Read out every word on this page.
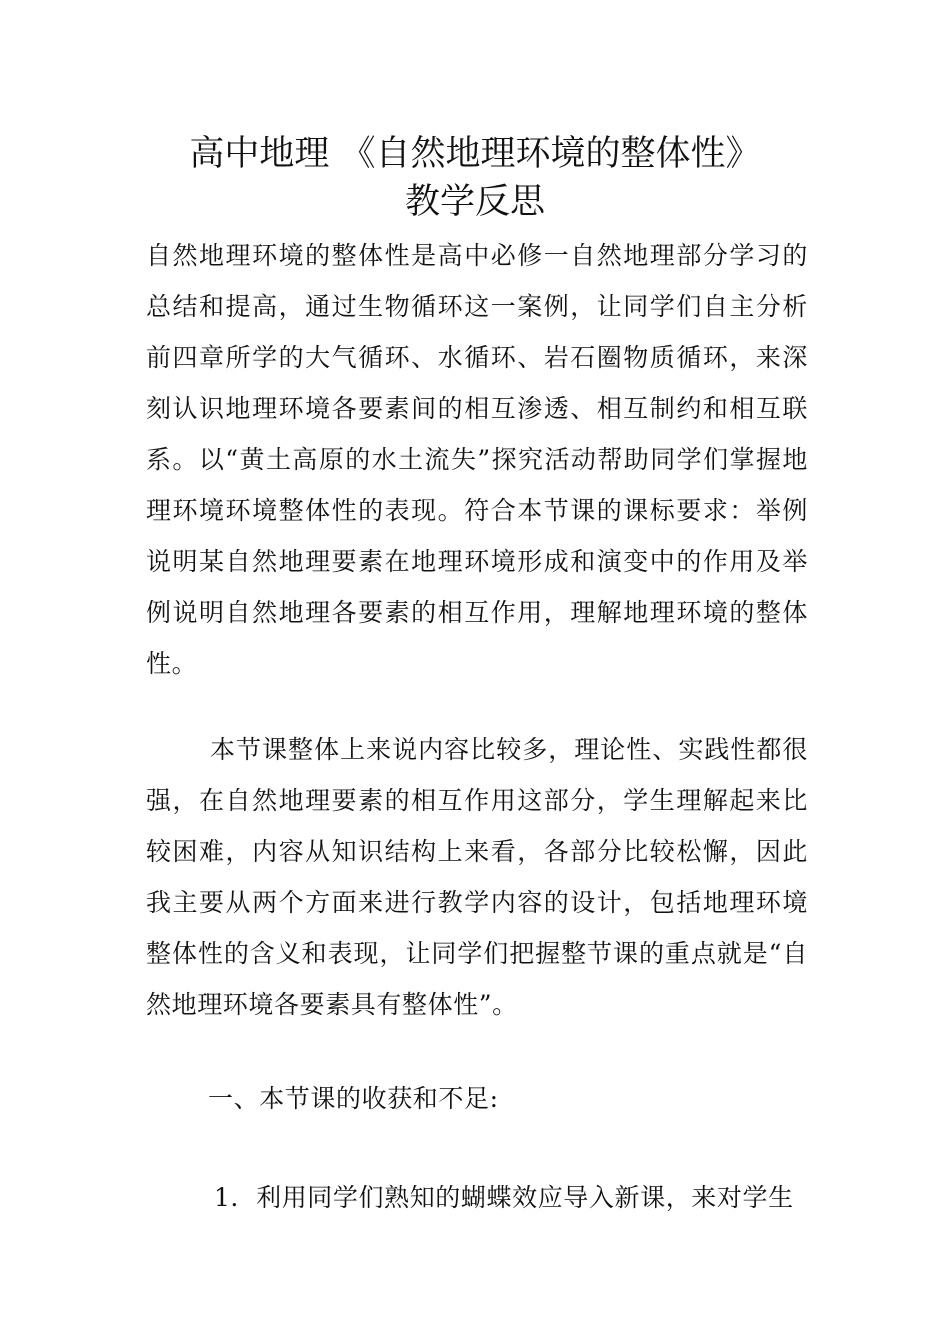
高中地理 《自然地理环境的整体性》
教学反思

自然地理环境的整体性是高中必修一自然地理部分学习的总结和提高，通过生物循环这一案例，让同学们自主分析前四章所学的大气循环、水循环、岩石圈物质循环，来深刻认识地理环境各要素间的相互渗透、相互制约和相互联系。以“黄土高原的水土流失”探究活动帮助同学们掌握地理环境环境整体性的表现。符合本节课的课标要求：举例说明某自然地理要素在地理环境形成和演变中的作用及举例说明自然地理各要素的相互作用，理解地理环境的整体性。

本节课整体上来说内容比较多，理论性、实践性都很强，在自然地理要素的相互作用这部分，学生理解起来比较困难，内容从知识结构上来看，各部分比较松懈，因此我主要从两个方面来进行教学内容的设计，包括地理环境整体性的含义和表现，让同学们把握整节课的重点就是“自然地理环境各要素具有整体性”。

一、本节课的收获和不足:

1．利用同学们熟知的蝴蝶效应导入新课，来对学生
